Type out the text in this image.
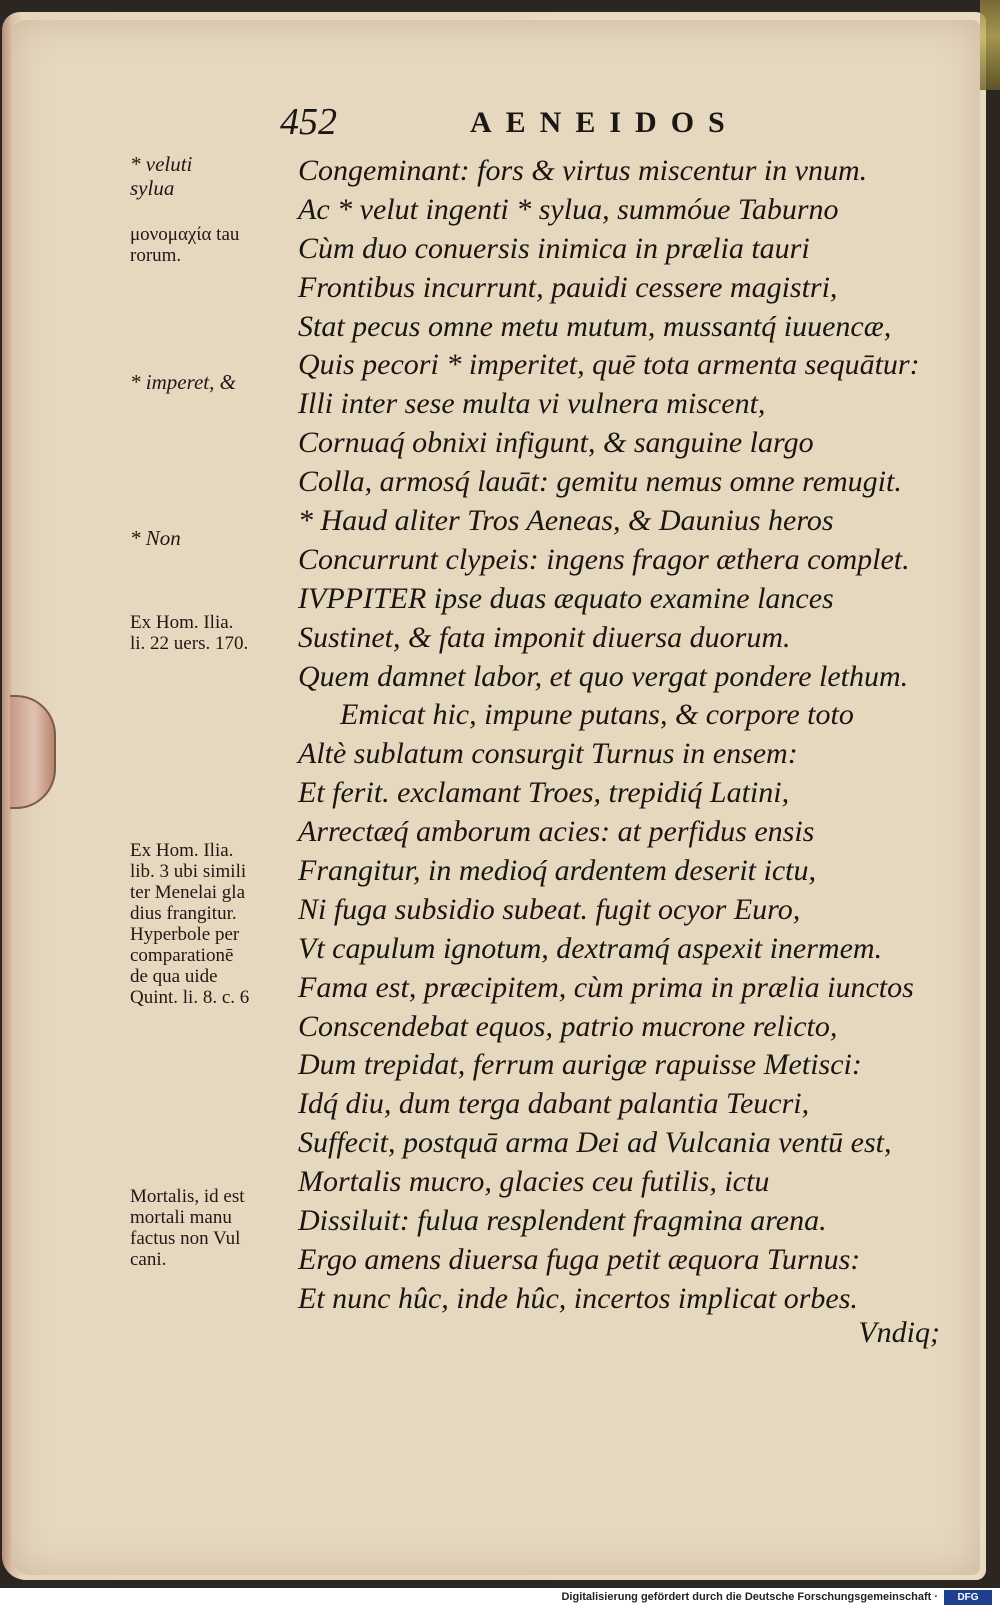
452	AENEIDOS
* veluti
sylua
μονομαχία tau
rorum.
* imperet, &
* Non
Ex Hom. Ilia.
li. 22 uers. 170.
Ex Hom. Ilia.
lib. 3 ubi simili
ter Menelai gla
dius frangitur.
Hyperbole per
comparationē
de qua uide
Quint. li. 8. c. 6
Mortalis, id est
mortali manu
factus non Vul
cani.
Congeminant: fors & virtus miscentur in vnum.
Ac * velut ingenti * sylua, summóue Taburno
Cùm duo conuersis inimica in prælia tauri
Frontibus incurrunt, pauidi cessere magistri,
Stat pecus omne metu mutum, mussantq́ iuuencæ,
Quis pecori * imperitet, quē tota armenta sequātur:
Illi inter sese multa vi vulnera miscent,
Cornuaq́ obnixi infigunt, & sanguine largo
Colla, armosq́ lauāt: gemitu nemus omne remugit.
* Haud aliter Tros Aeneas, & Daunius heros
Concurrunt clypeis: ingens fragor æthera complet.
IVPPITER ipse duas æquato examine lances
Sustinet, & fata imponit diuersa duorum.
Quem damnet labor, et quo vergat pondere lethum.
Emicat hic, impune putans, & corpore toto
Altè sublatum consurgit Turnus in ensem:
Et ferit. exclamant Troes, trepidiq́ Latini,
Arrectæq́ amborum acies: at perfidus ensis
Frangitur, in medioq́ ardentem deserit ictu,
Ni fuga subsidio subeat. fugit ocyor Euro,
Vt capulum ignotum, dextramq́ aspexit inermem.
Fama est, præcipitem, cùm prima in prælia iunctos
Conscendebat equos, patrio mucrone relicto,
Dum trepidat, ferrum aurigæ rapuisse Metisci:
Idq́ diu, dum terga dabant palantia Teucri,
Suffecit, postquā arma Dei ad Vulcania ventū est,
Mortalis mucro, glacies ceu futilis, ictu
Dissiluit: fulua resplendent fragmina arena.
Ergo amens diuersa fuga petit æquora Turnus:
Et nunc hûc, inde hûc, incertos implicat orbes.
Vndiq;
Digitalisierung gefördert durch die Deutsche Forschungsgemeinschaft ·	DFG
